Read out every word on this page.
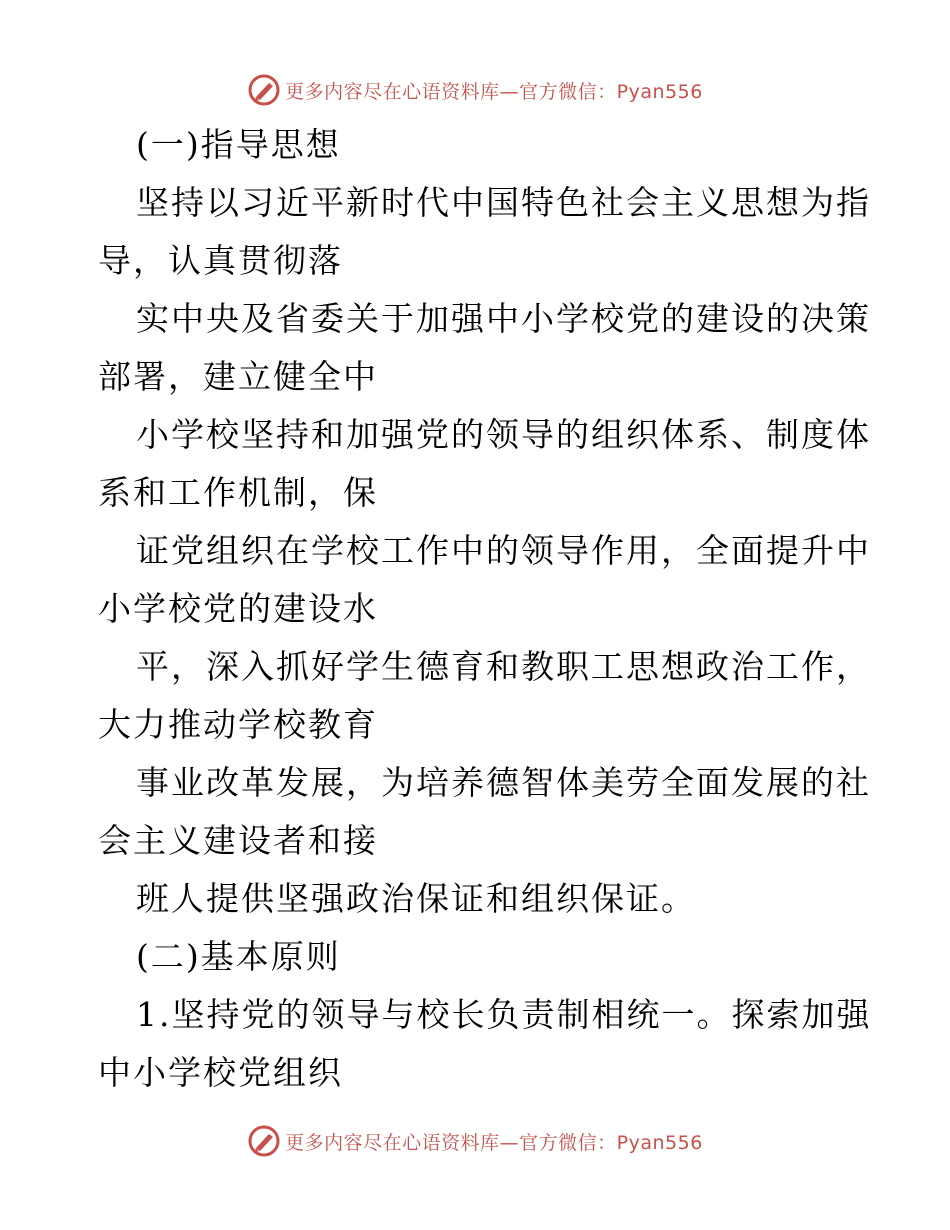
更多内容尽在心语资料库—官方微信：Pyan556
(一)指导思想
坚持以习近平新时代中国特色社会主义思想为指
导，认真贯彻落
实中央及省委关于加强中小学校党的建设的决策
部署，建立健全中
小学校坚持和加强党的领导的组织体系、制度体
系和工作机制，保
证党组织在学校工作中的领导作用，全面提升中
小学校党的建设水
平，深入抓好学生德育和教职工思想政治工作，
大力推动学校教育
事业改革发展，为培养德智体美劳全面发展的社
会主义建设者和接
班人提供坚强政治保证和组织保证。
(二)基本原则
1.坚持党的领导与校长负责制相统一。探索加强
中小学校党组织
更多内容尽在心语资料库—官方微信：Pyan556
